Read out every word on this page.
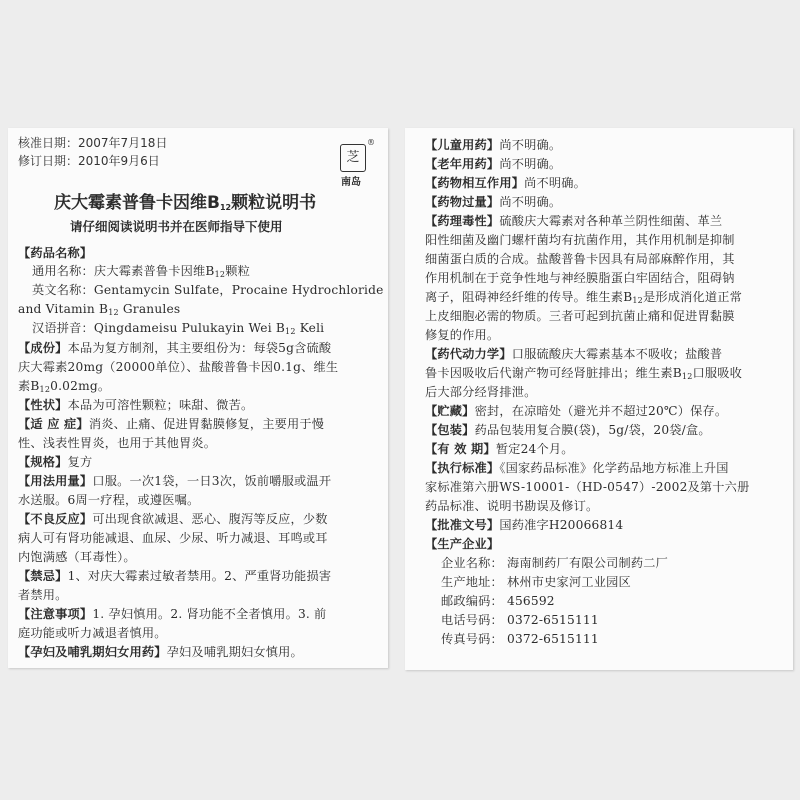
核准日期：2007年7月18日
修订日期：2010年9月6日	芝
®
南岛
庆大霉素普鲁卡因维$B_{12}$颗粒说明书
请仔细阅读说明书并在医师指导下使用
【药品名称】
通用名称：庆大霉素普鲁卡因维$B_{12}$颗粒
英文名称：Gentamycin Sulfate，Procaine Hydrochloride
and Vitamin $B_{12}$ Granules
汉语拼音：Qingdameisu Pulukayin Wei $B_{12}$ Keli
【成份】本品为复方制剂，其主要组份为：每袋5g含硫酸
庆大霉素20mg（20000单位）、盐酸普鲁卡因0.1g、维生
素$B_{12}0.02mg$。
【性状】本品为可溶性颗粒；味甜、微苦。
【适 应 症】消炎、止痛、促进胃黏膜修复，主要用于慢
性、浅表性胃炎，也用于其他胃炎。
【规格】复方
【用法用量】口服。一次1袋，一日3次，饭前嚼服或温开
水送服。6周一疗程，或遵医嘱。
【不良反应】可出现食欲减退、恶心、腹泻等反应，少数
病人可有肾功能减退、血尿、少尿、听力减退、耳鸣或耳
内饱满感（耳毒性）。
【禁忌】1、对庆大霉素过敏者禁用。2、严重肾功能损害
者禁用。
【注意事项】1. 孕妇慎用。2. 肾功能不全者慎用。3. 前
庭功能或听力减退者慎用。
【孕妇及哺乳期妇女用药】孕妇及哺乳期妇女慎用。
【儿童用药】尚不明确。
【老年用药】尚不明确。
【药物相互作用】尚不明确。
【药物过量】尚不明确。
【药理毒性】硫酸庆大霉素对各种革兰阴性细菌、革兰
阳性细菌及幽门螺杆菌均有抗菌作用，其作用机制是抑制
细菌蛋白质的合成。盐酸普鲁卡因具有局部麻醉作用，其
作用机制在于竞争性地与神经膜脂蛋白牢固结合，阻碍钠
离子，阻碍神经纤维的传导。维生素$B_{12}$是形成消化道正常
上皮细胞必需的物质。三者可起到抗菌止痛和促进胃黏膜
修复的作用。
【药代动力学】口服硫酸庆大霉素基本不吸收；盐酸普
鲁卡因吸收后代谢产物可经肾脏排出；维生素$B_{12}$口服吸收
后大部分经肾排泄。
【贮藏】密封，在凉暗处（避光并不超过20℃）保存。
【包装】药品包装用复合膜(袋)，5g/袋，20袋/盒。
【有 效 期】暂定24个月。
【执行标准】《国家药品标准》化学药品地方标准上升国
家标准第六册WS-10001-（HD-0547）-2002及第十六册
药品标准、说明书勘误及修订。
【批准文号】国药准字H20066814
【生产企业】
企业名称： 海南制药厂有限公司制药二厂
生产地址： 林州市史家河工业园区
邮政编码： 456592
电话号码： 0372-6515111
传真号码： 0372-6515111
